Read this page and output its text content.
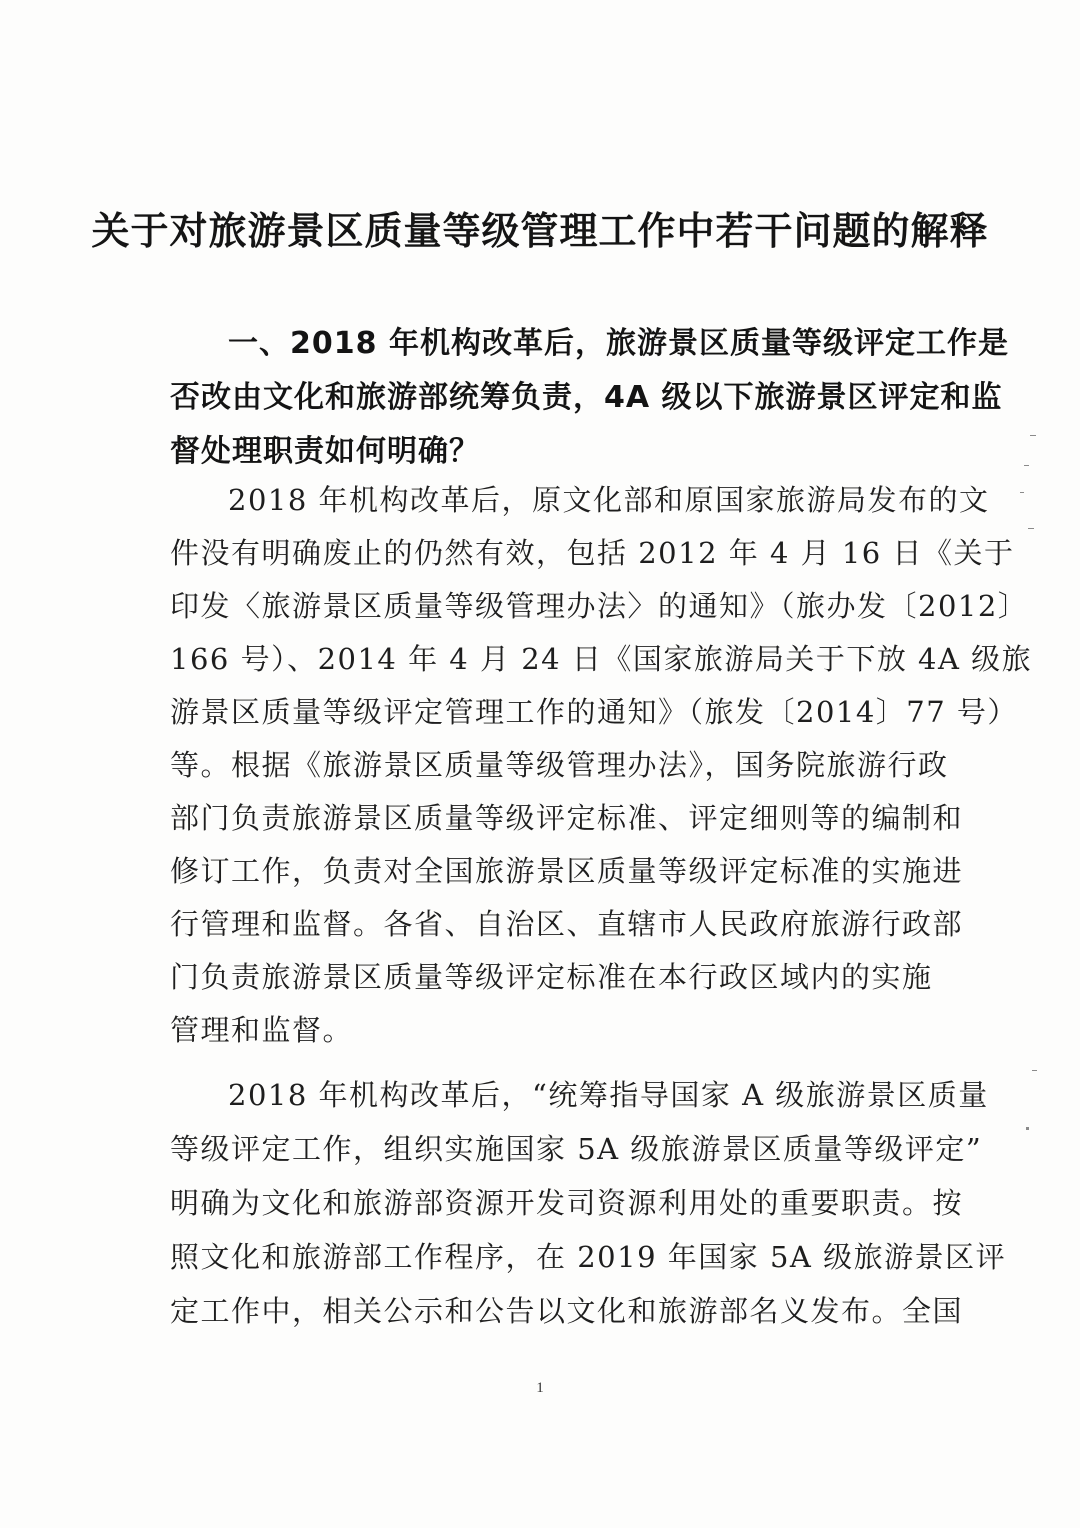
关于对旅游景区质量等级管理工作中若干问题的解释
一、2018 年机构改革后，旅游景区质量等级评定工作是
否改由文化和旅游部统筹负责，4A 级以下旅游景区评定和监
督处理职责如何明确？
2018 年机构改革后，原文化部和原国家旅游局发布的文
件没有明确废止的仍然有效，包括 2012 年 4 月 16 日《关于
印发〈旅游景区质量等级管理办法〉的通知》（旅办发〔2012〕
166 号）、2014 年 4 月 24 日《国家旅游局关于下放 4A 级旅
游景区质量等级评定管理工作的通知》（旅发〔2014〕77 号）
等。根据《旅游景区质量等级管理办法》，国务院旅游行政
部门负责旅游景区质量等级评定标准、评定细则等的编制和
修订工作，负责对全国旅游景区质量等级评定标准的实施进
行管理和监督。各省、自治区、直辖市人民政府旅游行政部
门负责旅游景区质量等级评定标准在本行政区域内的实施
管理和监督。
2018 年机构改革后，“统筹指导国家 A 级旅游景区质量
等级评定工作，组织实施国家 5A 级旅游景区质量等级评定”
明确为文化和旅游部资源开发司资源利用处的重要职责。按
照文化和旅游部工作程序，在 2019 年国家 5A 级旅游景区评
定工作中，相关公示和公告以文化和旅游部名义发布。全国
1
